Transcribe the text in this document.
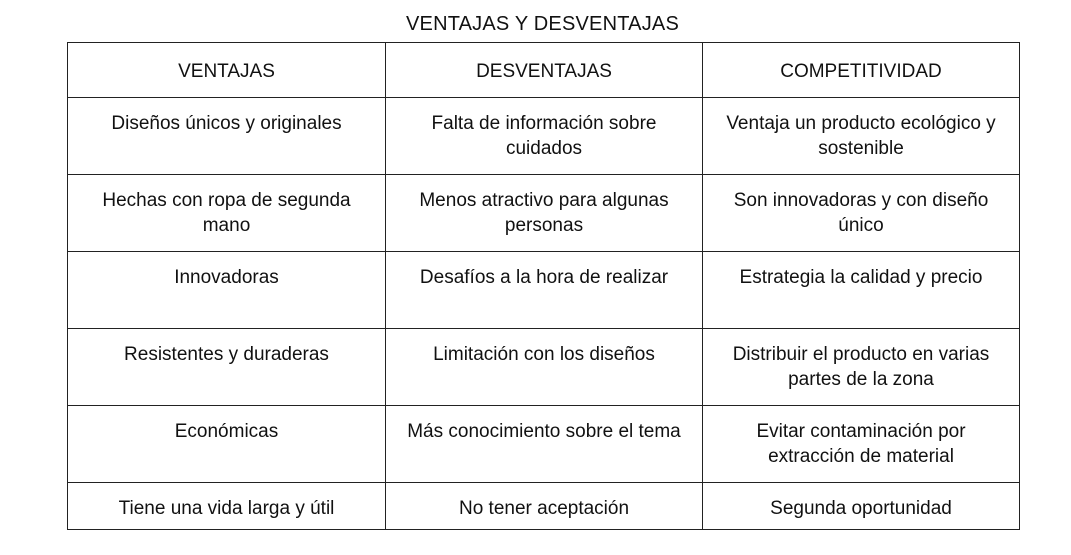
VENTAJAS Y DESVENTAJAS
VENTAJAS	DESVENTAJAS	COMPETITIVIDAD
Diseños únicos y originales	Falta de información sobre cuidados	Ventaja un producto ecológico y sostenible
Hechas con ropa de segunda mano	Menos atractivo para algunas personas	Son innovadoras y con diseño único
Innovadoras	Desafíos a la hora de realizar	Estrategia la calidad y precio
Resistentes y duraderas	Limitación con los diseños	Distribuir el producto en varias partes de la zona
Económicas	Más conocimiento sobre el tema	Evitar contaminación por extracción de material
Tiene una vida larga y útil	No tener aceptación	Segunda oportunidad
